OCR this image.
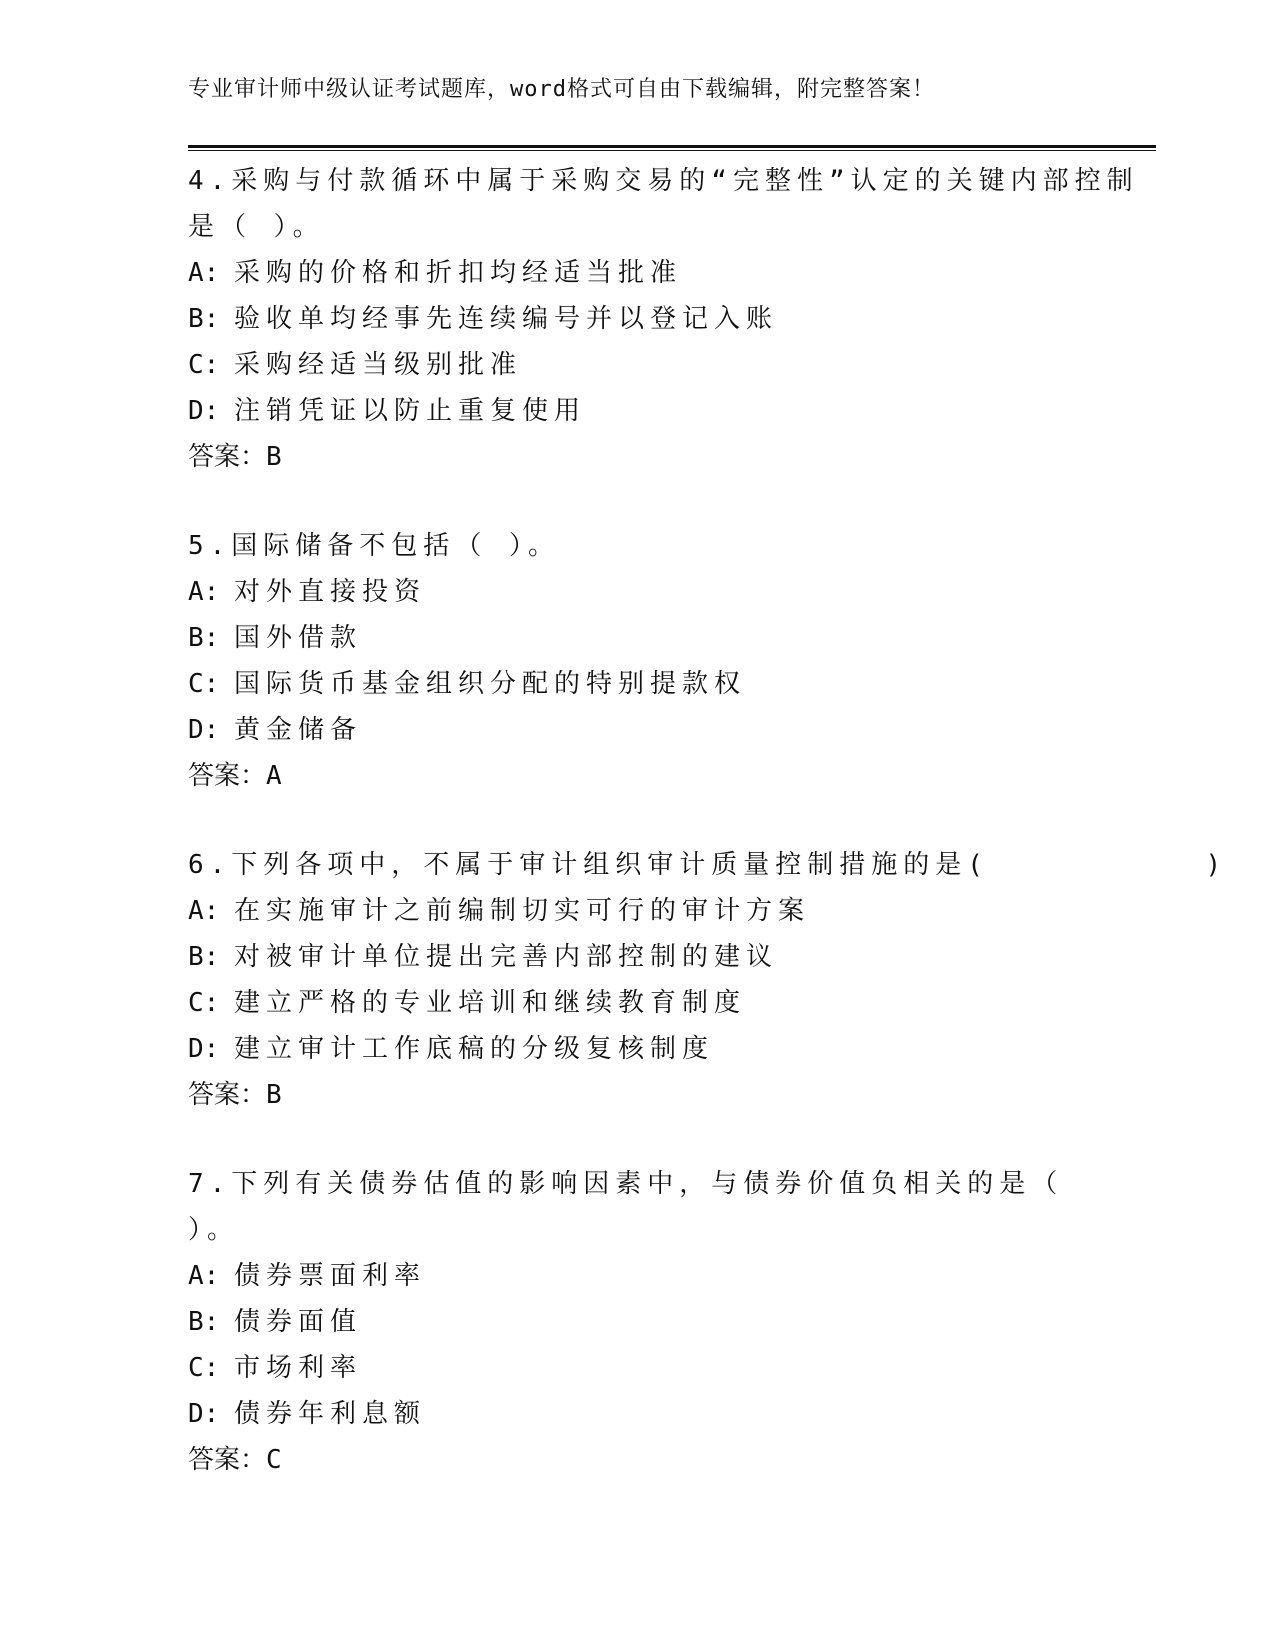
专业审计师中级认证考试题库，word格式可自由下载编辑，附完整答案！
4.采购与付款循环中属于采购交易的“完整性”认定的关键内部控制
是（ ）。
A: 采购的价格和折扣均经适当批准
B: 验收单均经事先连续编号并以登记入账
C: 采购经适当级别批准
D: 注销凭证以防止重复使用
答案：B
5.国际储备不包括（ ）。
A: 对外直接投资
B: 国外借款
C: 国际货币基金组织分配的特别提款权
D: 黄金储备
答案：A
6.下列各项中，不属于审计组织审计质量控制措施的是(          )
A: 在实施审计之前编制切实可行的审计方案
B: 对被审计单位提出完善内部控制的建议
C: 建立严格的专业培训和继续教育制度
D: 建立审计工作底稿的分级复核制度
答案：B
7.下列有关债券估值的影响因素中，与债券价值负相关的是（
）。
A: 债券票面利率
B: 债券面值
C: 市场利率
D: 债券年利息额
答案：C
